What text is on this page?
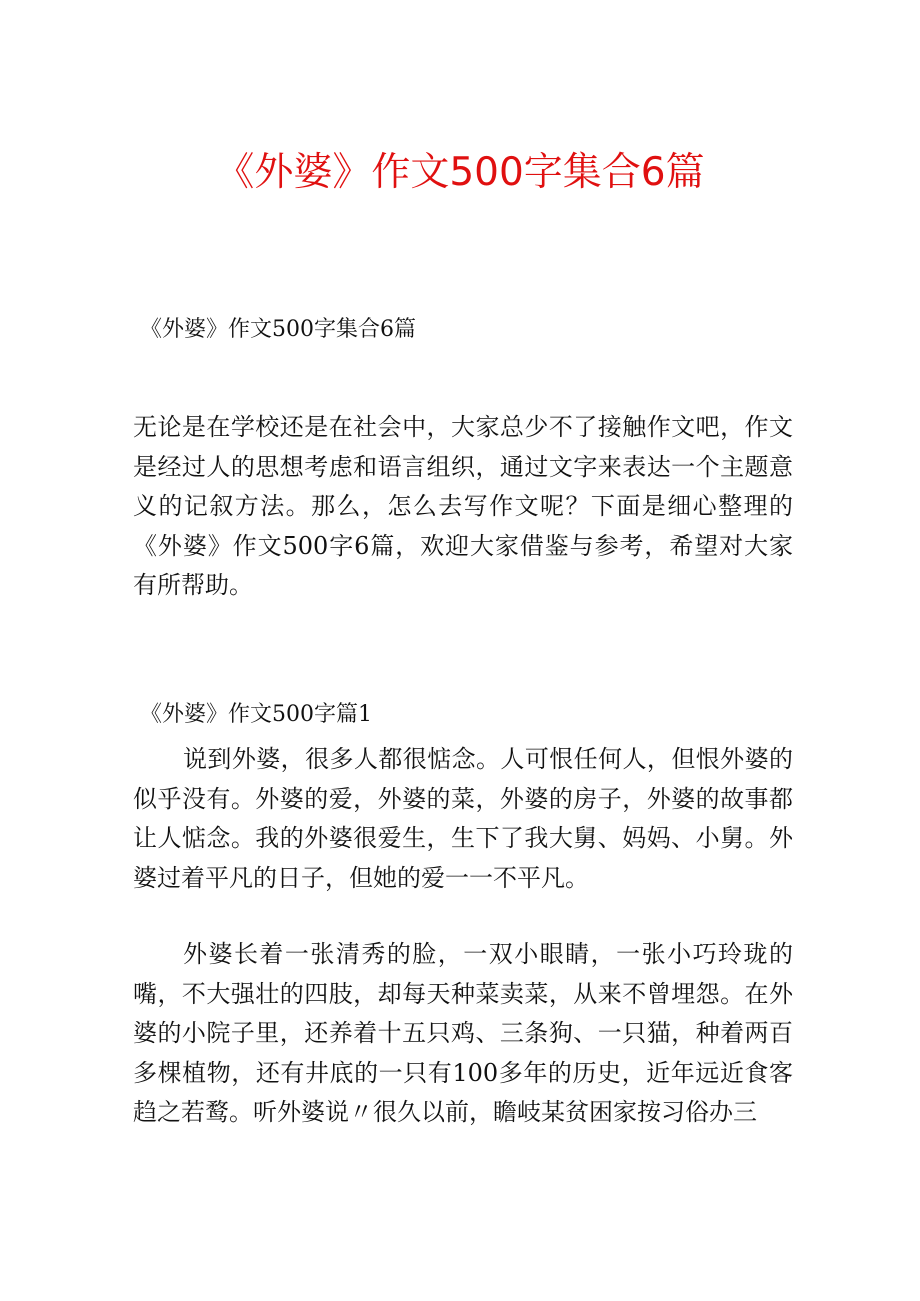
《外婆》作文500字集合6篇
《外婆》作文500字集合6篇

无论是在学校还是在社会中，大家总少不了接触作文吧，作文是经过人的思想考虑和语言组织，通过文字来表达一个主题意义的记叙方法。那么，怎么去写作文呢？下面是细心整理的《外婆》作文500字6篇，欢迎大家借鉴与参考，希望对大家有所帮助。

《外婆》作文500字篇1

说到外婆，很多人都很惦念。人可恨任何人，但恨外婆的似乎没有。外婆的爱，外婆的菜，外婆的房子，外婆的故事都让人惦念。我的外婆很爱生，生下了我大舅、妈妈、小舅。外婆过着平凡的日子，但她的爱一一不平凡。

外婆长着一张清秀的脸，一双小眼睛，一张小巧玲珑的嘴，不大强壮的四肢，却每天种菜卖菜，从来不曾埋怨。在外婆的小院子里，还养着十五只鸡、三条狗、一只猫，种着两百多棵植物，还有井底的一只有100多年的历史，近年远近食客趋之若鹜。听外婆说〃很久以前，瞻岐某贫困家按习俗办三
